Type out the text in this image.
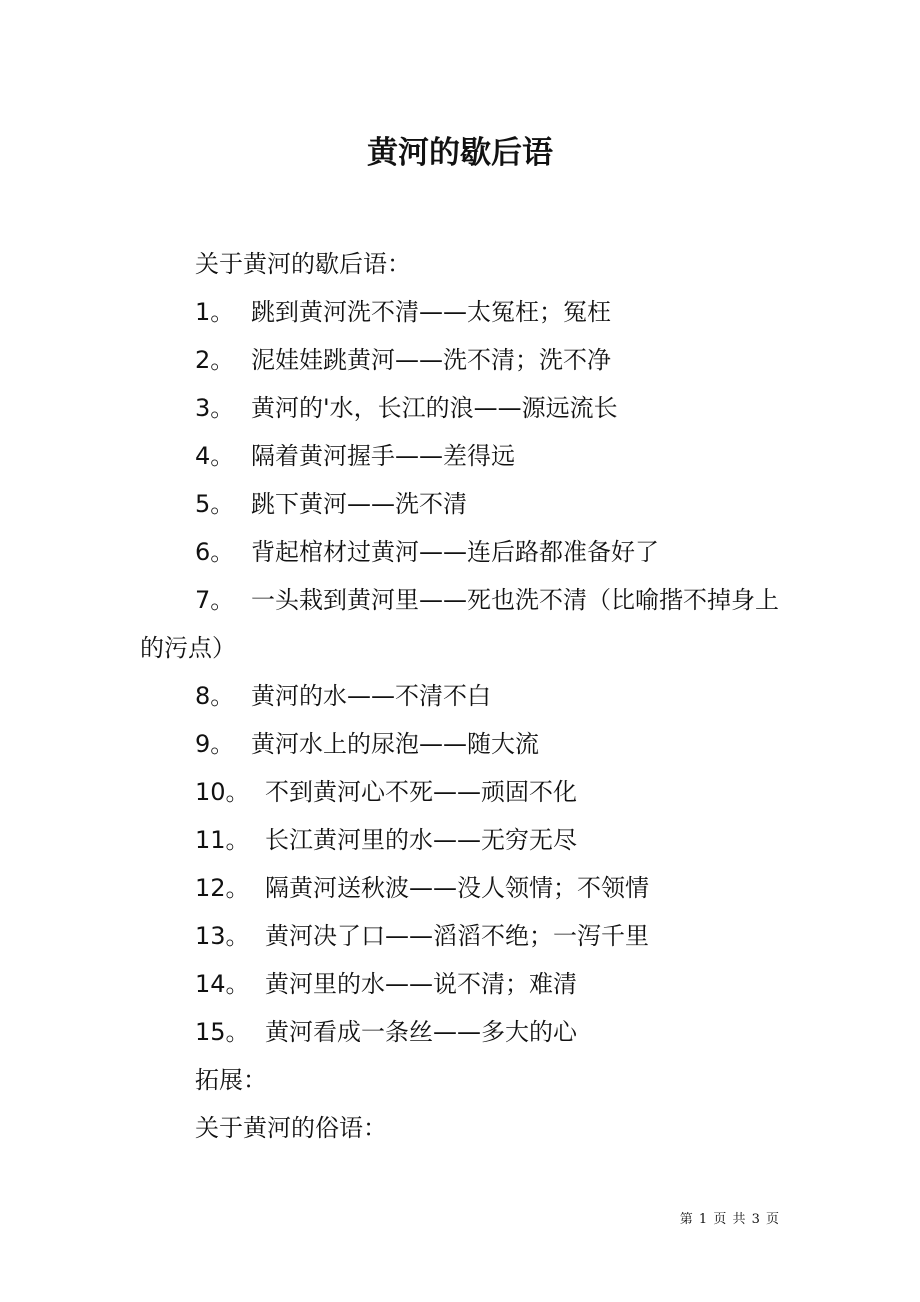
黄河的歇后语
关于黄河的歇后语：
1。 跳到黄河洗不清——太冤枉；冤枉
2。 泥娃娃跳黄河——洗不清；洗不净
3。 黄河的'水，长江的浪——源远流长
4。 隔着黄河握手——差得远
5。 跳下黄河——洗不清
6。 背起棺材过黄河——连后路都准备好了
7。 一头栽到黄河里——死也洗不清（比喻揩不掉身上的污点）
8。 黄河的水——不清不白
9。 黄河水上的尿泡——随大流
10。 不到黄河心不死——顽固不化
11。 长江黄河里的水——无穷无尽
12。 隔黄河送秋波——没人领情；不领情
13。 黄河决了口——滔滔不绝；一泻千里
14。 黄河里的水——说不清；难清
15。 黄河看成一条丝——多大的心
拓展：
关于黄河的俗语：
第 1 页 共 3 页
